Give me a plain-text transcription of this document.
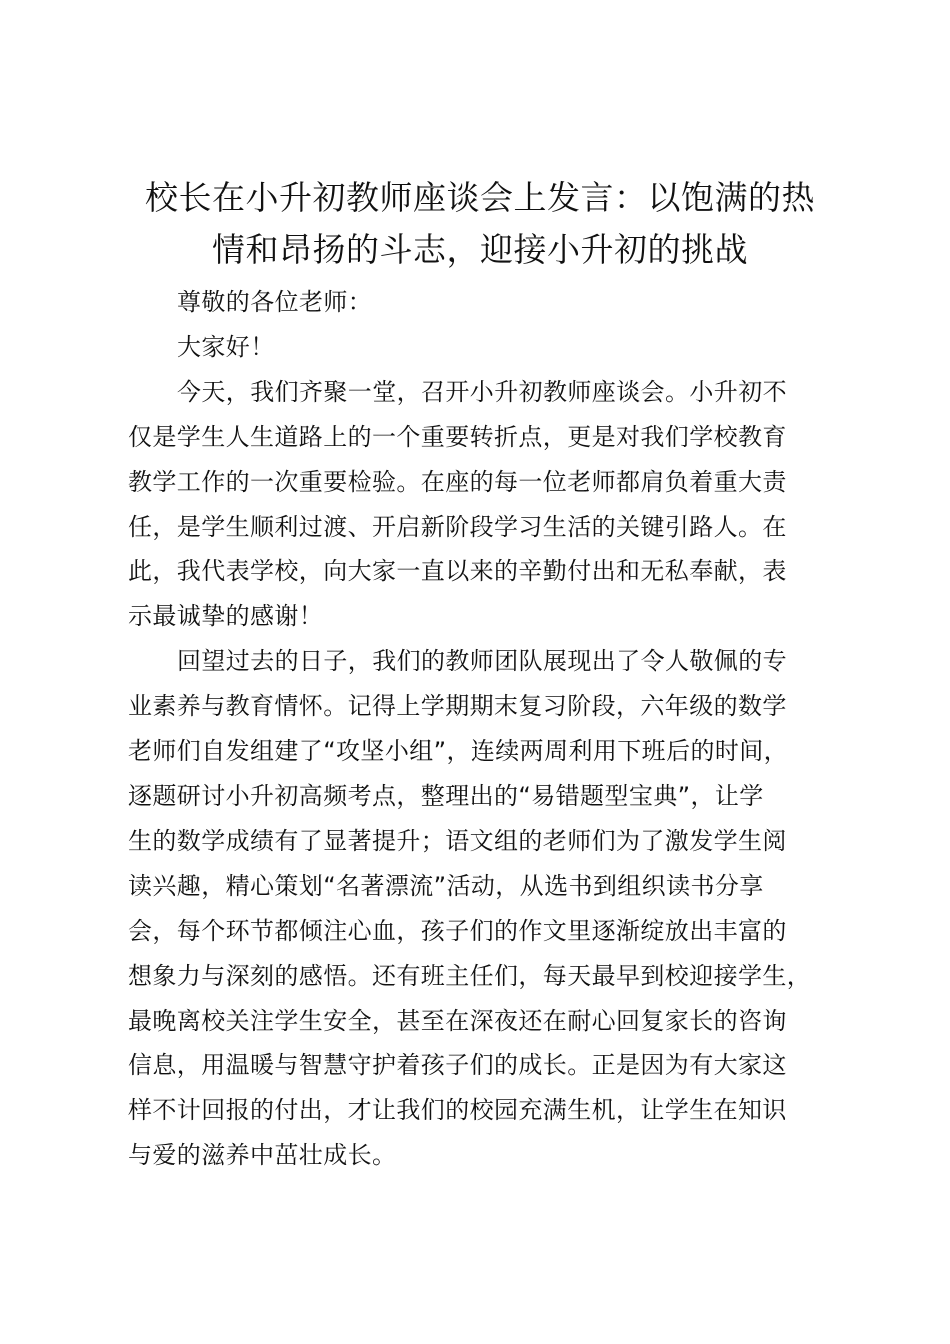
校长在小升初教师座谈会上发言：以饱满的热
情和昂扬的斗志，迎接小升初的挑战

尊敬的各位老师：

大家好！

今天，我们齐聚一堂，召开小升初教师座谈会。小升初不
仅是学生人生道路上的一个重要转折点，更是对我们学校教育
教学工作的一次重要检验。在座的每一位老师都肩负着重大责
任，是学生顺利过渡、开启新阶段学习生活的关键引路人。在
此，我代表学校，向大家一直以来的辛勤付出和无私奉献，表
示最诚挚的感谢！

回望过去的日子，我们的教师团队展现出了令人敬佩的专
业素养与教育情怀。记得上学期期末复习阶段，六年级的数学
老师们自发组建了“攻坚小组”，连续两周利用下班后的时间，
逐题研讨小升初高频考点，整理出的“易错题型宝典”，让学
生的数学成绩有了显著提升；语文组的老师们为了激发学生阅
读兴趣，精心策划“名著漂流”活动，从选书到组织读书分享
会，每个环节都倾注心血，孩子们的作文里逐渐绽放出丰富的
想象力与深刻的感悟。还有班主任们，每天最早到校迎接学生，
最晚离校关注学生安全，甚至在深夜还在耐心回复家长的咨询
信息，用温暖与智慧守护着孩子们的成长。正是因为有大家这
样不计回报的付出，才让我们的校园充满生机，让学生在知识
与爱的滋养中茁壮成长。
